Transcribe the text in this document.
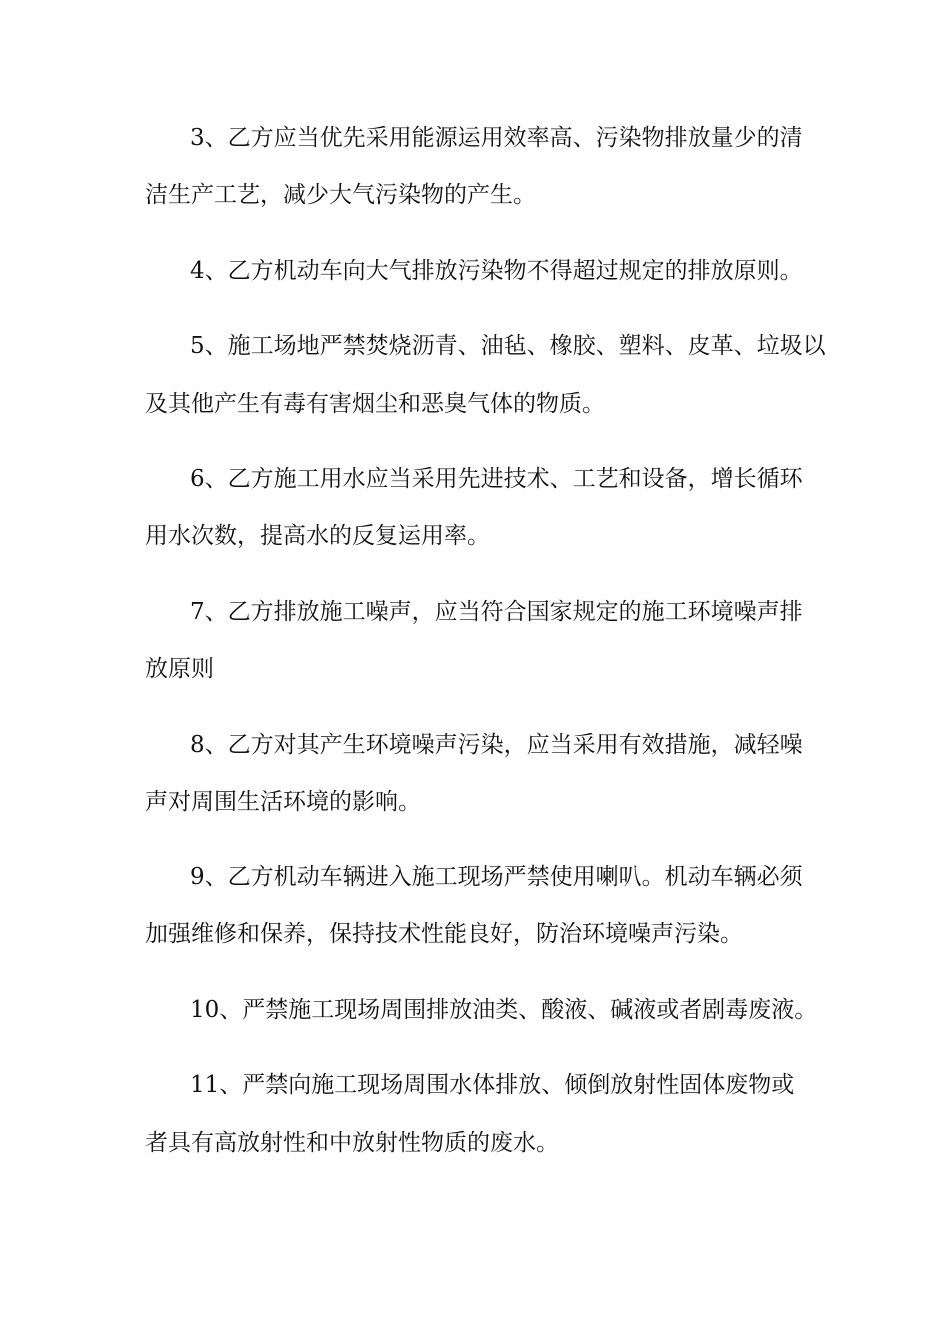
3、乙方应当优先采用能源运用效率高、污染物排放量少的清
洁生产工艺，减少大气污染物的产生。
4、乙方机动车向大气排放污染物不得超过规定的排放原则。
5、施工场地严禁焚烧沥青、油毡、橡胶、塑料、皮革、垃圾以
及其他产生有毒有害烟尘和恶臭气体的物质。
6、乙方施工用水应当采用先进技术、工艺和设备，增长循环
用水次数，提高水的反复运用率。
7、乙方排放施工噪声，应当符合国家规定的施工环境噪声排
放原则
8、乙方对其产生环境噪声污染，应当采用有效措施，减轻噪
声对周围生活环境的影响。
9、乙方机动车辆进入施工现场严禁使用喇叭。机动车辆必须
加强维修和保养，保持技术性能良好，防治环境噪声污染。
10、严禁施工现场周围排放油类、酸液、碱液或者剧毒废液。
11、严禁向施工现场周围水体排放、倾倒放射性固体废物或
者具有高放射性和中放射性物质的废水。
